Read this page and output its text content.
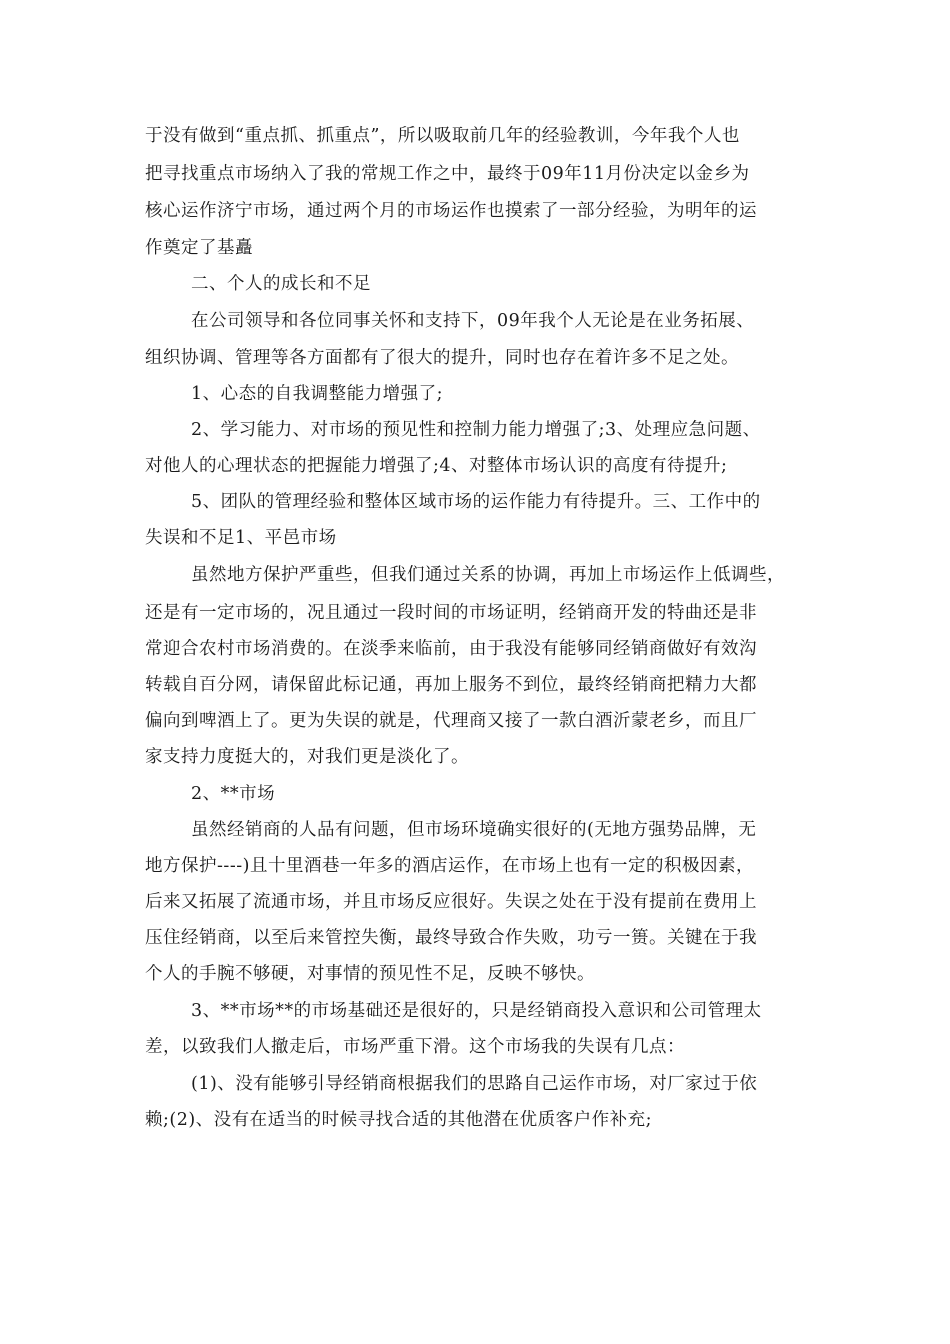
于没有做到“重点抓、抓重点”，所以吸取前几年的经验教训，今年我个人也
把寻找重点市场纳入了我的常规工作之中，最终于09年11月份决定以金乡为
核心运作济宁市场，通过两个月的市场运作也摸索了一部分经验，为明年的运
作奠定了基矗
二、个人的成长和不足
在公司领导和各位同事关怀和支持下，09年我个人无论是在业务拓展、
组织协调、管理等各方面都有了很大的提升，同时也存在着许多不足之处。
1、心态的自我调整能力增强了;
2、学习能力、对市场的预见性和控制力能力增强了;3、处理应急问题、
对他人的心理状态的把握能力增强了;4、对整体市场认识的高度有待提升;
5、团队的管理经验和整体区域市场的运作能力有待提升。三、工作中的
失误和不足1、平邑市场
虽然地方保护严重些，但我们通过关系的协调，再加上市场运作上低调些，
还是有一定市场的，况且通过一段时间的市场证明，经销商开发的特曲还是非
常迎合农村市场消费的。在淡季来临前，由于我没有能够同经销商做好有效沟
转载自百分网，请保留此标记通，再加上服务不到位，最终经销商把精力大都
偏向到啤酒上了。更为失误的就是，代理商又接了一款白酒沂蒙老乡，而且厂
家支持力度挺大的，对我们更是淡化了。
2、**市场
虽然经销商的人品有问题，但市场环境确实很好的(无地方强势品牌，无
地方保护----)且十里酒巷一年多的酒店运作，在市场上也有一定的积极因素，
后来又拓展了流通市场，并且市场反应很好。失误之处在于没有提前在费用上
压住经销商，以至后来管控失衡，最终导致合作失败，功亏一篑。关键在于我
个人的手腕不够硬，对事情的预见性不足，反映不够快。
3、**市场**的市场基础还是很好的，只是经销商投入意识和公司管理太
差，以致我们人撤走后，市场严重下滑。这个市场我的失误有几点：
(1)、没有能够引导经销商根据我们的思路自己运作市场，对厂家过于依
赖;(2)、没有在适当的时候寻找合适的其他潜在优质客户作补充;
